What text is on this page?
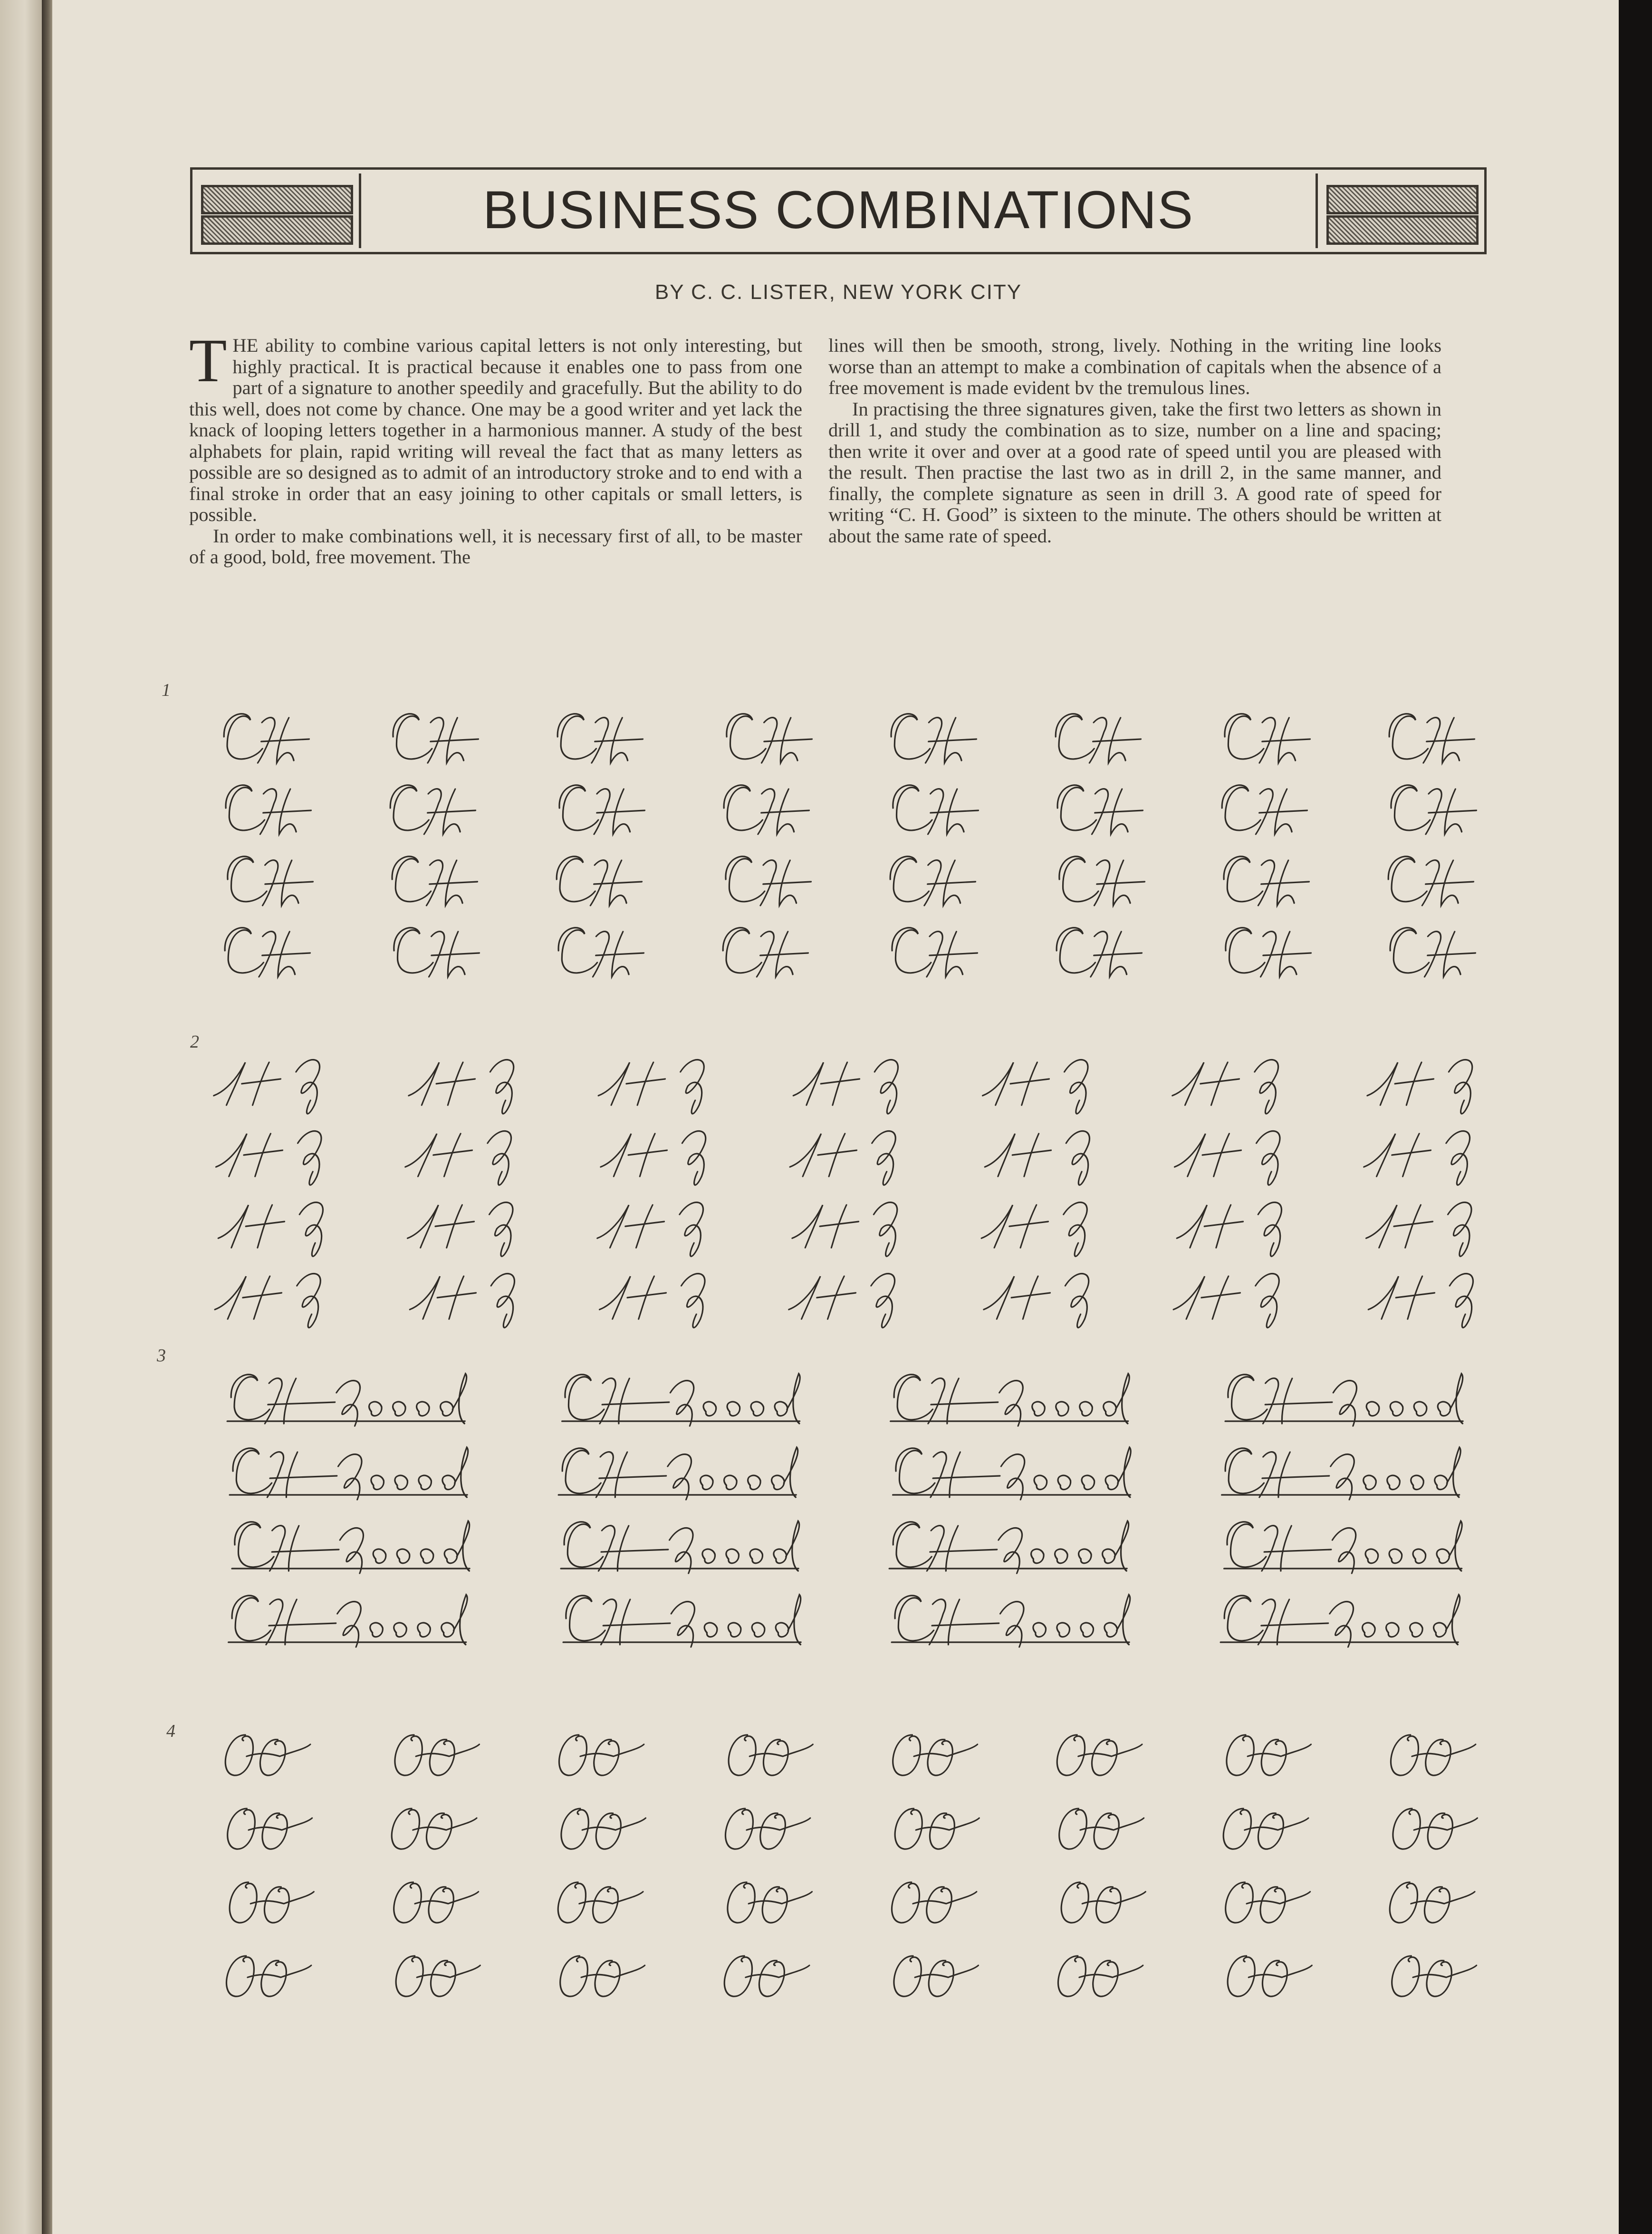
BUSINESS COMBINATIONS
BY C. C. LISTER, NEW YORK CITY

THE ability to combine various capital letters is not only interesting, but highly practical. It is practical because it enables one to pass from one part of a signature to another speedily and gracefully. But the ability to do this well, does not come by chance. One may be a good writer and yet lack the knack of looping letters together in a harmonious manner. A study of the best alphabets for plain, rapid writing will reveal the fact that as many letters as possible are so designed as to admit of an introductory stroke and to end with a final stroke in order that an easy joining to other capitals or small letters, is possible.

In order to make combinations well, it is necessary first of all, to be master of a good, bold, free movement. The

lines will then be smooth, strong, lively. Nothing in the writing line looks worse than an attempt to make a combination of capitals when the absence of a free movement is made evident bv the tremulous lines.

In practising the three signatures given, take the first two letters as shown in drill 1, and study the combination as to size, number on a line and spacing; then write it over and over at a good rate of speed until you are pleased with the result. Then practise the last two as in drill 2, in the same manner, and finally, the complete signature as seen in drill 3. A good rate of speed for writing “C. H. Good” is sixteen to the minute. The others should be written at about the same rate of speed.

1
2
3
4
